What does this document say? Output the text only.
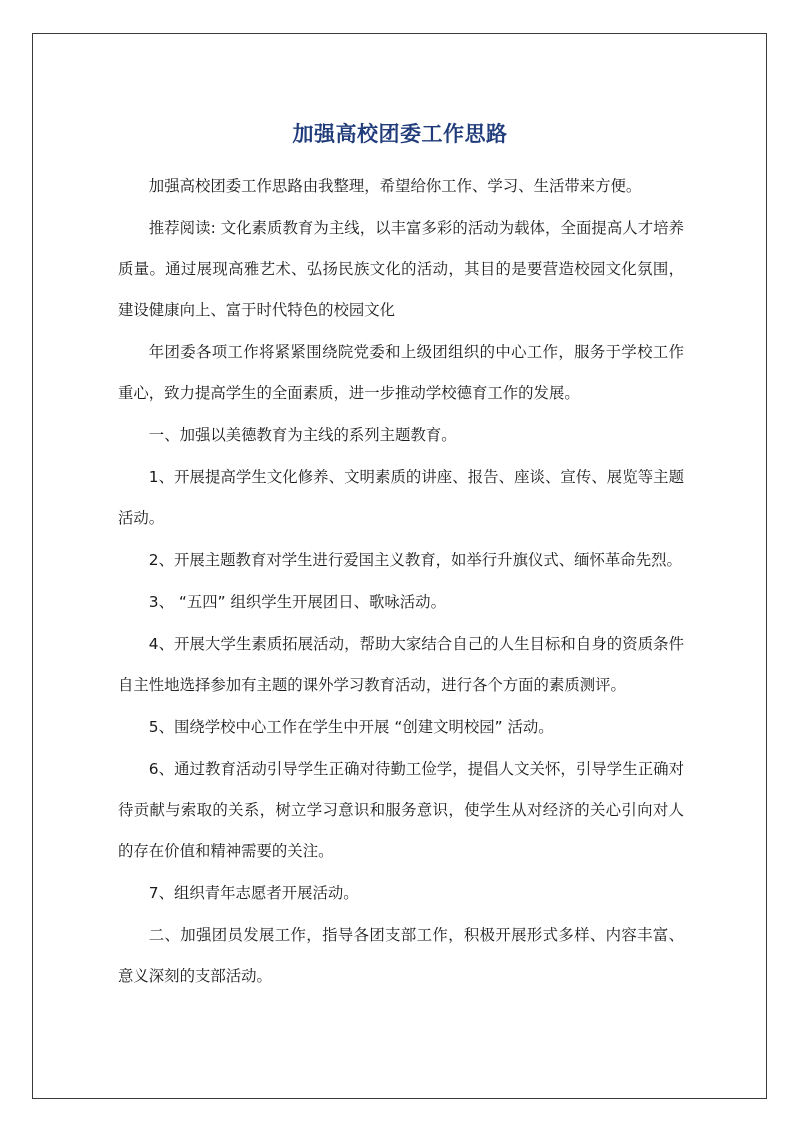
加强高校团委工作思路

加强高校团委工作思路由我整理，希望给你工作、学习、生活带来方便。

推荐阅读: 文化素质教育为主线，以丰富多彩的活动为载体，全面提高人才培养质量。通过展现高雅艺术、弘扬民族文化的活动，其目的是要营造校园文化氛围，建设健康向上、富于时代特色的校园文化

年团委各项工作将紧紧围绕院党委和上级团组织的中心工作，服务于学校工作重心，致力提高学生的全面素质，进一步推动学校德育工作的发展。

一、加强以美德教育为主线的系列主题教育。

1、开展提高学生文化修养、文明素质的讲座、报告、座谈、宣传、展览等主题活动。

2、开展主题教育对学生进行爱国主义教育，如举行升旗仪式、缅怀革命先烈。

3、 “五四” 组织学生开展团日、歌咏活动。

4、开展大学生素质拓展活动，帮助大家结合自己的人生目标和自身的资质条件自主性地选择参加有主题的课外学习教育活动，进行各个方面的素质测评。

5、围绕学校中心工作在学生中开展 “创建文明校园” 活动。

6、通过教育活动引导学生正确对待勤工俭学，提倡人文关怀，引导学生正确对待贡献与索取的关系，树立学习意识和服务意识，使学生从对经济的关心引向对人的存在价值和精神需要的关注。

7、组织青年志愿者开展活动。

二、加强团员发展工作，指导各团支部工作，积极开展形式多样、内容丰富、意义深刻的支部活动。
